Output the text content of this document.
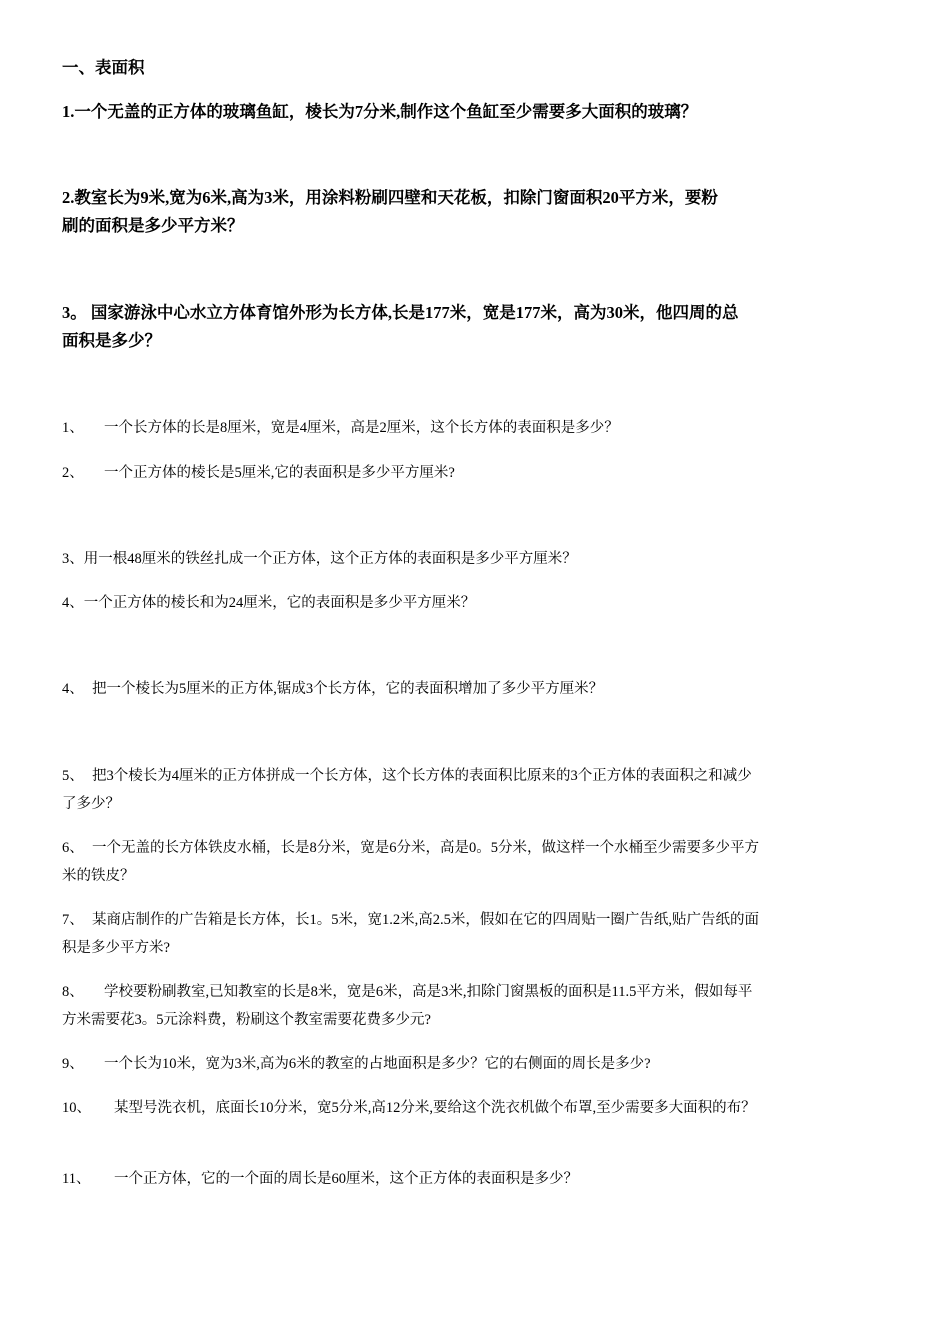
一、表面积
1.一个无盖的正方体的玻璃鱼缸，棱长为7分米,制作这个鱼缸至少需要多大面积的玻璃？
2.教室长为9米,宽为6米,高为3米，用涂料粉刷四壁和天花板，扣除门窗面积20平方米，要粉
刷的面积是多少平方米？
3。 国家游泳中心水立方体育馆外形为长方体,长是177米，宽是177米，高为30米，他四周的总
面积是多少？
1、 一个长方体的长是8厘米，宽是4厘米，高是2厘米，这个长方体的表面积是多少？
2、 一个正方体的棱长是5厘米,它的表面积是多少平方厘米?
3、用一根48厘米的铁丝扎成一个正方体，这个正方体的表面积是多少平方厘米？
4、一个正方体的棱长和为24厘米，它的表面积是多少平方厘米？
4、 把一个棱长为5厘米的正方体,锯成3个长方体，它的表面积增加了多少平方厘米？
5、 把3个棱长为4厘米的正方体拼成一个长方体，这个长方体的表面积比原来的3个正方体的表面积之和减少
了多少？
6、 一个无盖的长方体铁皮水桶，长是8分米，宽是6分米，高是0。5分米，做这样一个水桶至少需要多少平方
米的铁皮？
7、 某商店制作的广告箱是长方体，长1。5米，宽1.2米,高2.5米，假如在它的四周贴一圈广告纸,贴广告纸的面
积是多少平方米?
8、 学校要粉刷教室,已知教室的长是8米，宽是6米，高是3米,扣除门窗黑板的面积是11.5平方米，假如每平
方米需要花3。5元涂料费，粉刷这个教室需要花费多少元?
9、 一个长为10米，宽为3米,高为6米的教室的占地面积是多少？它的右侧面的周长是多少?
10、 某型号洗衣机，底面长10分米，宽5分米,高12分米,要给这个洗衣机做个布罩,至少需要多大面积的布？
11、 一个正方体，它的一个面的周长是60厘米，这个正方体的表面积是多少？
